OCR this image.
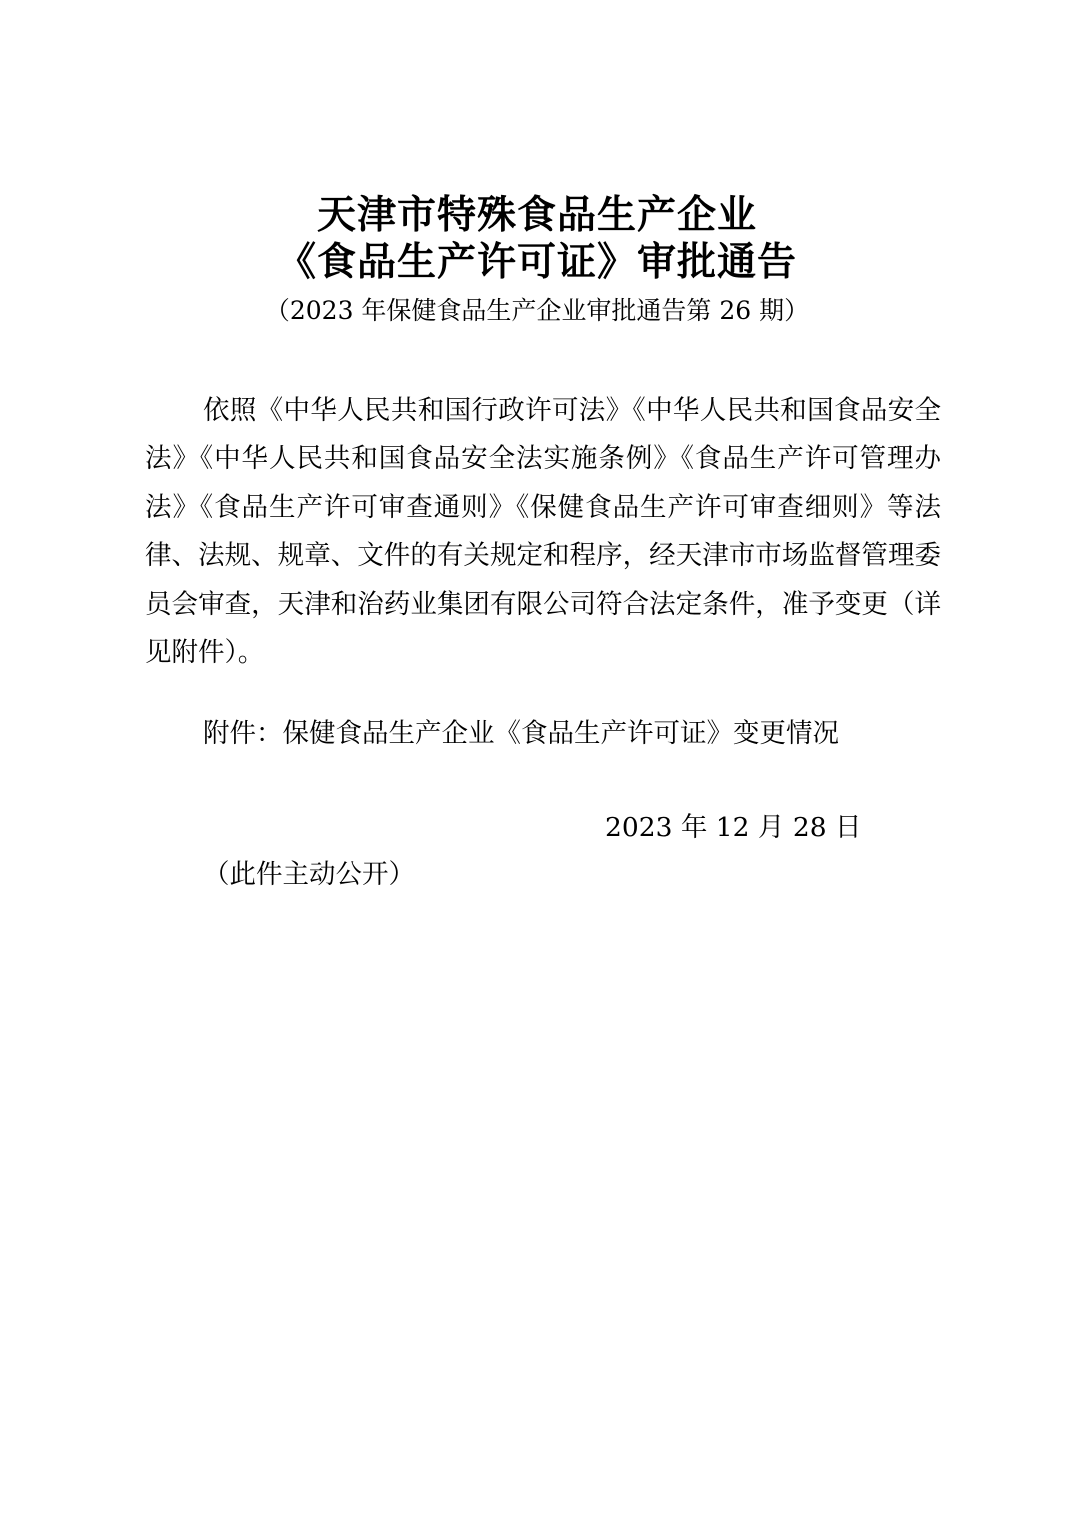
天津市特殊食品生产企业
《食品生产许可证》审批通告
（2023 年保健食品生产企业审批通告第 26 期）
依照《中华人民共和国行政许可法》《中华人民共和国食品安全法》《中华人民共和国食品安全法实施条例》《食品生产许可管理办法》《食品生产许可审查通则》《保健食品生产许可审查细则》等法律、法规、规章、文件的有关规定和程序，经天津市市场监督管理委员会审查，天津和治药业集团有限公司符合法定条件，准予变更（详见附件）。
附件：保健食品生产企业《食品生产许可证》变更情况
2023 年 12 月 28 日
（此件主动公开）
